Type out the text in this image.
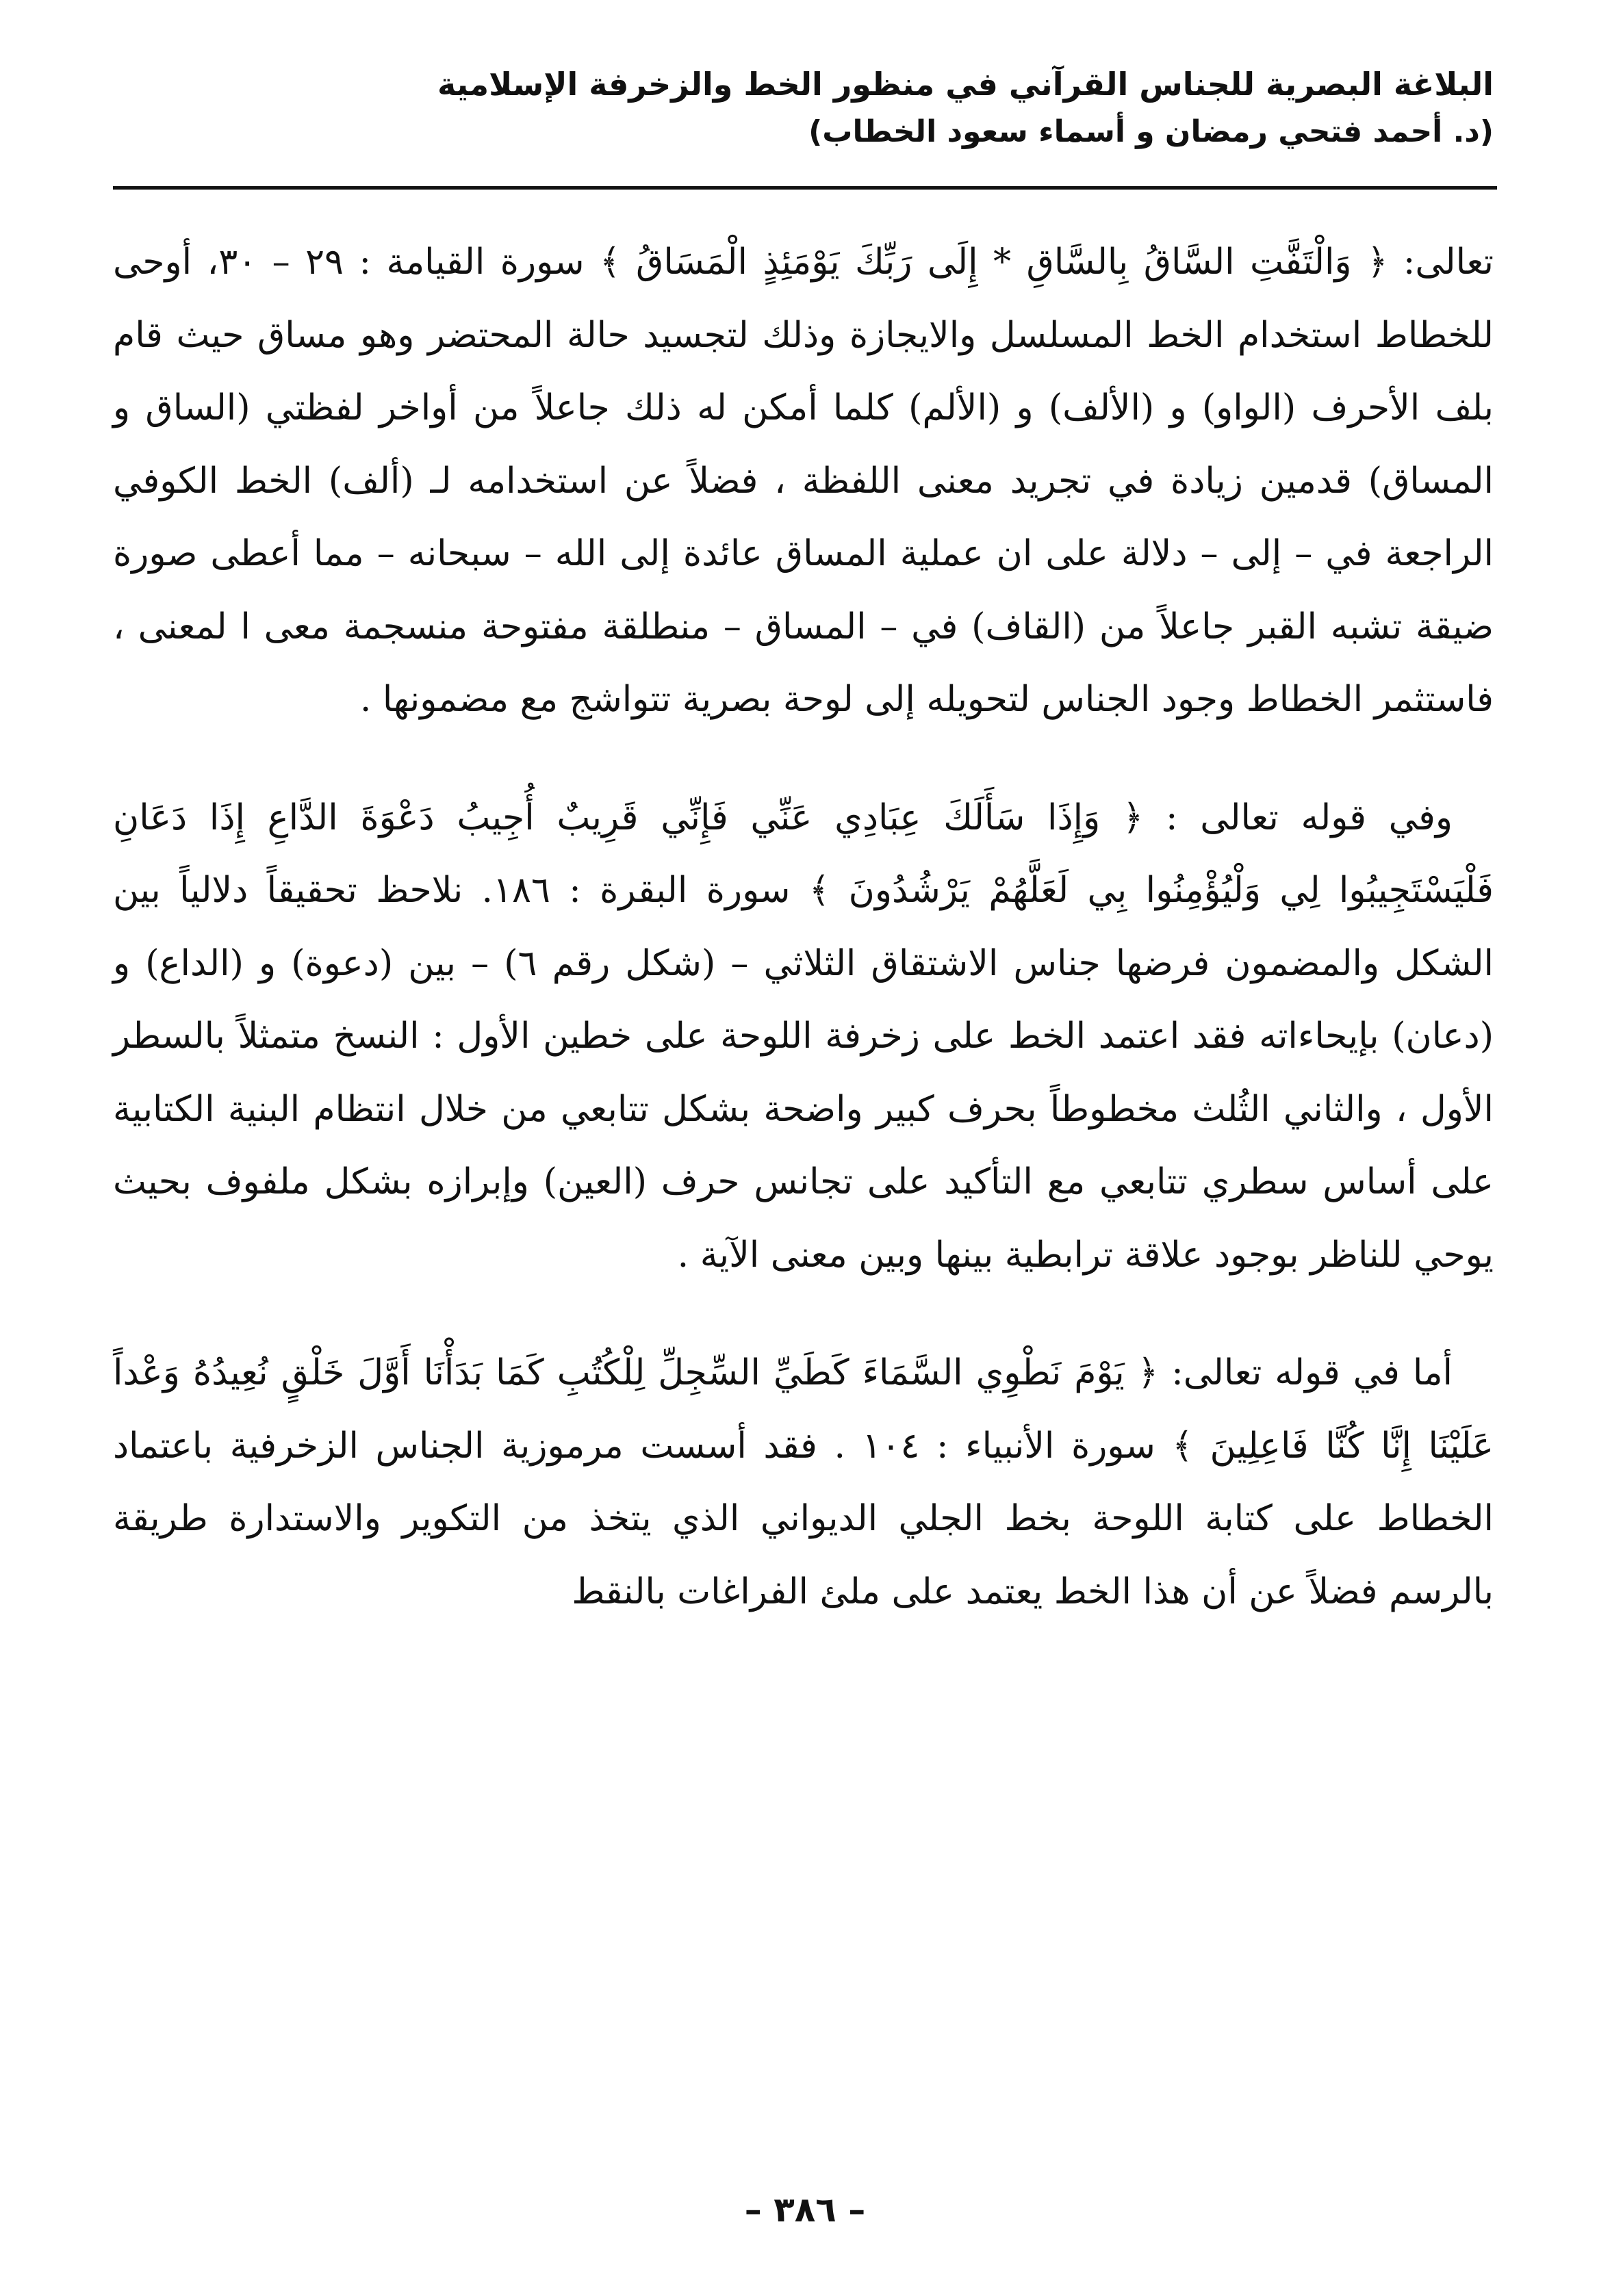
البلاغة البصرية للجناس القرآني في منظور الخط والزخرفة الإسلامية
(د. أحمد فتحي رمضان و أسماء سعود الخطاب)

تعالى: ﴿ وَالْتَفَّتِ السَّاقُ بِالسَّاقِ * إِلَى رَبِّكَ يَوْمَئِذٍ الْمَسَاقُ ﴾ سورة القيامة : ٢٩ – ٣٠، أوحى للخطاط استخدام الخط المسلسل والايجازة وذلك لتجسيد حالة المحتضر وهو مساق حيث قام بلف الأحرف (الواو) و (الألف) و (الألم) كلما أمكن له ذلك جاعلاً من أواخر لفظتي (الساق و المساق) قدمين زيادة في تجريد معنى اللفظة ، فضلاً عن استخدامه لـ (ألف) الخط الكوفي الراجعة في – إلى – دلالة على ان عملية المساق عائدة إلى الله – سبحانه – مما أعطى صورة ضيقة تشبه القبر جاعلاً من (القاف) في – المساق – منطلقة مفتوحة منسجمة معى ا لمعنى ، فاستثمر الخطاط وجود الجناس لتحويله إلى لوحة بصرية تتواشج مع مضمونها .

وفي قوله تعالى : ﴿ وَإِذَا سَأَلَكَ عِبَادِي عَنِّي فَإِنِّي قَرِيبٌ أُجِيبُ دَعْوَةَ الدَّاعِ إِذَا دَعَانِ فَلْيَسْتَجِيبُوا لِي وَلْيُؤْمِنُوا بِي لَعَلَّهُمْ يَرْشُدُونَ ﴾ سورة البقرة : ١٨٦. نلاحظ تحقيقاً دلالياً بين الشكل والمضمون فرضها جناس الاشتقاق الثلاثي – (شكل رقم ٦) – بين (دعوة) و (الداع) و (دعان) بإيحاءاته فقد اعتمد الخط على زخرفة اللوحة على خطين الأول : النسخ متمثلاً بالسطر الأول ، والثاني الثُلث مخطوطاً بحرف كبير واضحة بشكل تتابعي من خلال انتظام البنية الكتابية على أساس سطري تتابعي مع التأكيد على تجانس حرف (العين) وإبرازه بشكل ملفوف بحيث يوحي للناظر بوجود علاقة ترابطية بينها وبين معنى الآية .

أما في قوله تعالى: ﴿ يَوْمَ نَطْوِي السَّمَاءَ كَطَيِّ السِّجِلِّ لِلْكُتُبِ كَمَا بَدَأْنَا أَوَّلَ خَلْقٍ نُعِيدُهُ وَعْداً عَلَيْنَا إِنَّا كُنَّا فَاعِلِينَ ﴾ سورة الأنبياء : ١٠٤ . فقد أسست مرموزية الجناس الزخرفية باعتماد الخطاط على كتابة اللوحة بخط الجلي الديواني الذي يتخذ من التكوير والاستدارة طريقة بالرسم فضلاً عن أن هذا الخط يعتمد على ملئ الفراغات بالنقط

– ٣٨٦ –
